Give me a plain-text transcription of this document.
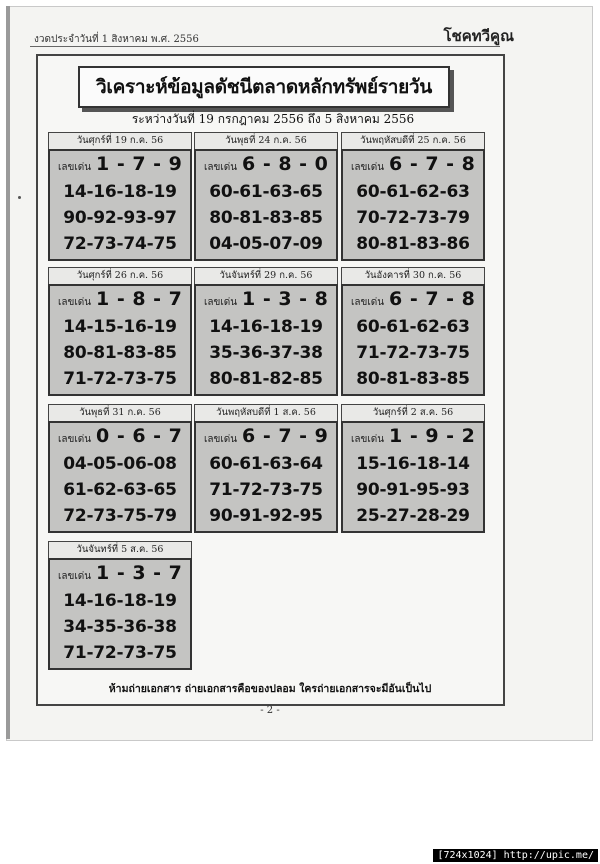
งวดประจำวันที่ 1 สิงหาคม พ.ศ. 2556	โชคทวีคูณ
วิเคราะห์ข้อมูลดัชนีตลาดหลักทรัพย์รายวัน
ระหว่างวันที่ 19 กรกฎาคม 2556 ถึง 5 สิงหาคม 2556
วันศุกร์ที่ 19 ก.ค. 56
เลขเด่น 1 - 7 - 9
14-16-18-19
90-92-93-97
72-73-74-75
วันพุธที่ 24 ก.ค. 56
เลขเด่น 6 - 8 - 0
60-61-63-65
80-81-83-85
04-05-07-09
วันพฤหัสบดีที่ 25 ก.ค. 56
เลขเด่น 6 - 7 - 8
60-61-62-63
70-72-73-79
80-81-83-86
วันศุกร์ที่ 26 ก.ค. 56
เลขเด่น 1 - 8 - 7
14-15-16-19
80-81-83-85
71-72-73-75
วันจันทร์ที่ 29 ก.ค. 56
เลขเด่น 1 - 3 - 8
14-16-18-19
35-36-37-38
80-81-82-85
วันอังคารที่ 30 ก.ค. 56
เลขเด่น 6 - 7 - 8
60-61-62-63
71-72-73-75
80-81-83-85
วันพุธที่ 31 ก.ค. 56
เลขเด่น 0 - 6 - 7
04-05-06-08
61-62-63-65
72-73-75-79
วันพฤหัสบดีที่ 1 ส.ค. 56
เลขเด่น 6 - 7 - 9
60-61-63-64
71-72-73-75
90-91-92-95
วันศุกร์ที่ 2 ส.ค. 56
เลขเด่น 1 - 9 - 2
15-16-18-14
90-91-95-93
25-27-28-29
วันจันทร์ที่ 5 ส.ค. 56
เลขเด่น 1 - 3 - 7
14-16-18-19
34-35-36-38
71-72-73-75
ห้ามถ่ายเอกสาร ถ่ายเอกสารคือของปลอม ใครถ่ายเอกสารจะมีอันเป็นไป
- 2 -
[724x1024] http://upic.me/
